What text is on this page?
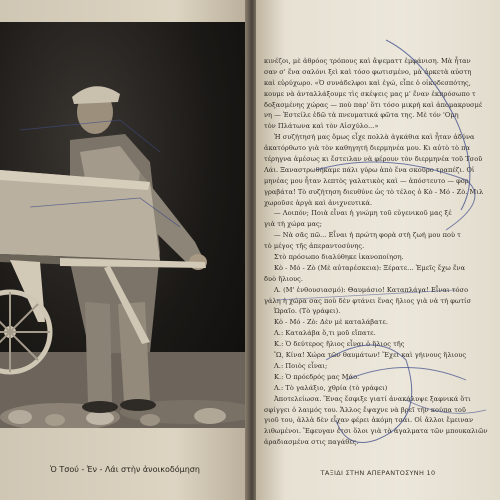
Ὁ Τσού - Ἐν - Λάι στὴν ἀνοικοδόμηση
κινέζοι, μὲ ἀθρόος τρόπους καὶ ἄψεματτ ἐμφάνιση. Μὰ ἦταν
σαν σ' ἕνα σαλόνι ξεὶ καὶ τόσο φωτισμένο, μὰ ἀρκετὰ αὐστη
καὶ εὐρύχωρο. «Ὁ συνάδελφοι καὶ ἐγώ, εἶπε ὁ οἰκοδεσπότης,
κουμε νὰ ἀνταλλάξουμε τὶς σκέψεις μας μ' ἕναν ἐκπρόσωπο τ
δοξασμένης χώρας — ποὺ παρ' ὅτι τόσο μικρή καὶ ἀπομακρυσμέ
νη — Ἐστείλε ἐδῶ τὰ πνευματικά φῶτα της. Μὲ τόν 'Ομη
τὸν Πλάτωνα καὶ τὸν Αἰσχύλο...»
Ἡ συζήτησή μας ὅμως εἶχε πολλὰ ἀγκάθια καὶ ἦταν ἀδύνα
ἀκατόρθωτο γιὰ τὸν καθηγητή διερμηνέα μου. Κι αὐτὸ τὸ πα
τέρηγνα ἀμέσως κι ἔστειλαν νὰ φέρουν τὸν διερμηνέα τοῦ Τσοῦ
Λάι. Ξαναστρωθήκαμε πάλι γύρω ἀπὸ ἕνα σκοῦρο τραπέζι. Οἱ
μηνέας μου ἦταν λεπτὸς γαλατικὸς καὶ — ἀπόστευτο — φορ
γραβάτα! Τὸ συζήτηση διευθύνε ὡς τὸ τέλος ὁ Κὸ - Μό - Ζὸ. Μιλ
χωροῦσε ἀργὰ καὶ ἀνιχνευτικά.
— Λοιπόν; Ποιὰ εἶναι ἡ γνώμη τοῦ εὐγενικοῦ μας ξέ
γιὰ τὴ χώρα μας;
— Νὰ σᾶς πῶ... Εἶναι ἡ πρώτη φορὰ στὴ ζωή μου ποὺ τ
τὸ μέγος τῆς ἀπεραντοσύνης.
Στὸ πρόσωπο διαλύθηκε ἱκανοποίηση.
Κὸ - Μό - Ζὸ (Μὲ αὐταρέσκεια): Ξέρατε... Ἐμεῖς ἔχω ἕνα
δυὸ ἥλιους.
Λ. (Μ' ἐνθουσιασμό): Θαυμάσιο! Καταπλάγα! Εἶναι τόσο
γάλη ἡ χώρα σας ποὺ δὲν φτάνει ἕνας ἥλιος γιὰ νὰ τή φωτίσ
Ὡραῖο. (Τὸ γράφει).
Κὸ - Μό - Ζὸ: Δὲν μὲ καταλάβατε.
Λ.: Καταλάβα ὅ,τι μοῦ εἴπατε.
Κ.: Ὁ δεύτερος ἥλιος εἶναι ὁ ἥλιος τῆς
Ὢ, Κίνα! Χώρα τῶν θαυμάτων! Ἔχει καὶ γήινους ἥλιους
Λ.: Ποιὸς εἶναι;
Κ.: Ὁ πρόεδρός μας Μάο.
Λ.: Τὸ γαλάξιο, χθρία (τὸ γράφει)
Ἀποτελείωσα. Ἕνας ἔσφιξε γιατί ἀνακάλυψε ξαφνικά ὅτι
σφίγγει ὁ λαιμός του. Ἄλλος ἔψαχνε νὰ βρεῖ τὴν κούπα τοῦ
γιοῦ του, ἀλλὰ δὲν εἶχαν φέρει ἀκόμη τσάι. Οἱ ἄλλοι ἔμειναν
λιθωμένοι. Ἔφευγαν ἐτσι ὅλοι γιὰ τὰ ἀγαλματα τῶν μπουκαλιῶν
ἀραδιασμένα στις παγάθες.
ΤΑΞΙΔΙ ΣΤΗΝ ΑΠΕΡΑΝΤΟΣΥΝΗ 10
